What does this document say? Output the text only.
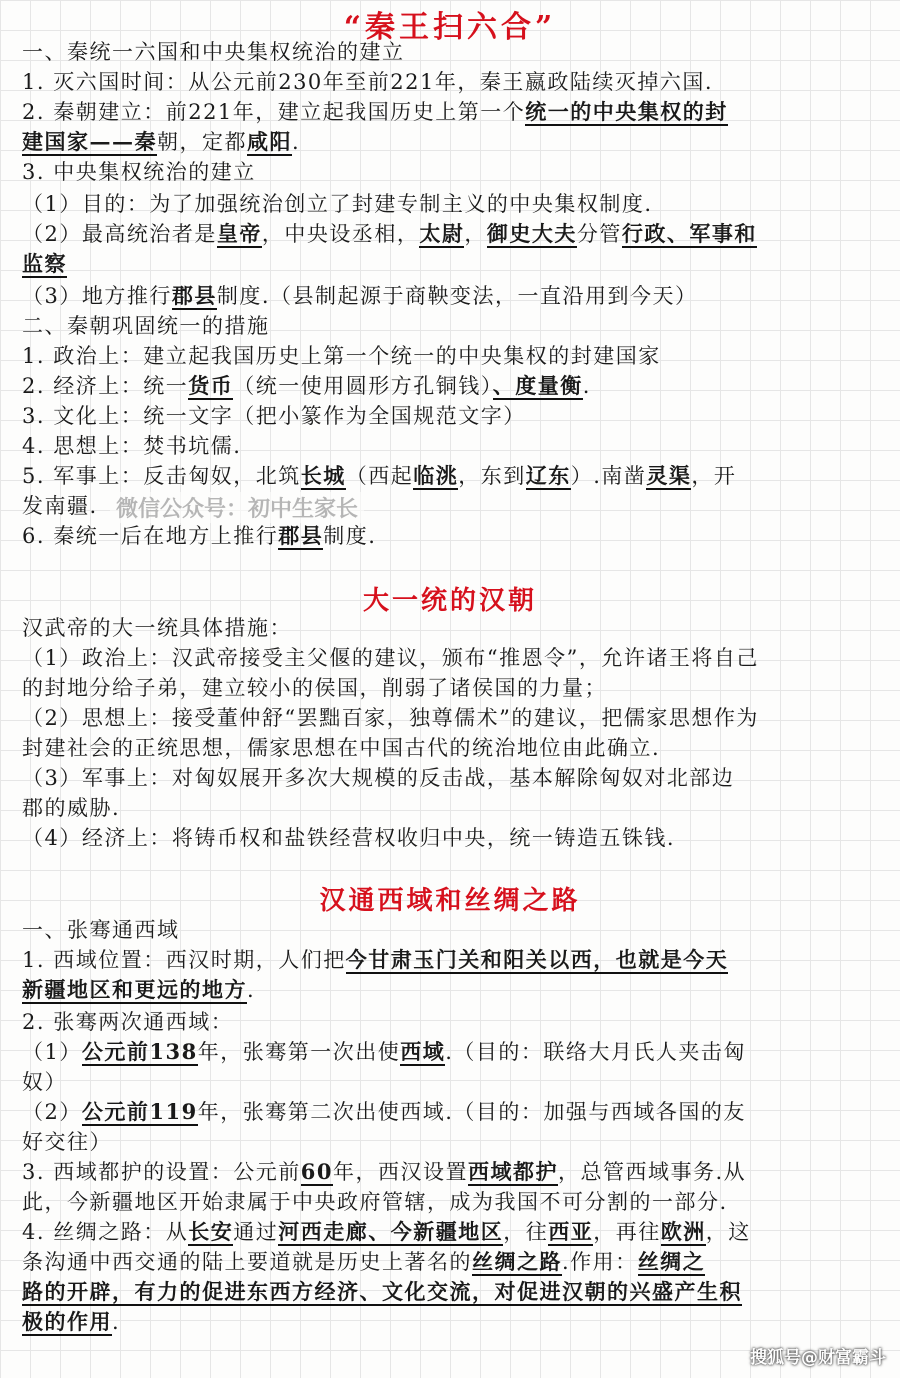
“秦王扫六合”
一、秦统一六国和中央集权统治的建立
1. 灭六国时间：从公元前230年至前221年，秦王嬴政陆续灭掉六国.
2. 秦朝建立：前221年，建立起我国历史上第一个统一的中央集权的封
建国家——秦朝，定都咸阳.
3. 中央集权统治的建立
（1）目的：为了加强统治创立了封建专制主义的中央集权制度.
（2）最高统治者是皇帝，中央设丞相，太尉，御史大夫分管行政、军事和
监察
（3）地方推行郡县制度.（县制起源于商鞅变法，一直沿用到今天）
二、秦朝巩固统一的措施
1. 政治上：建立起我国历史上第一个统一的中央集权的封建国家
2. 经济上：统一货币（统一使用圆形方孔铜钱）、度量衡.
3. 文化上：统一文字（把小篆作为全国规范文字）
4. 思想上：焚书坑儒.
5. 军事上：反击匈奴，北筑长城（西起临洮，东到辽东）.南凿灵渠，开
发南疆.
6. 秦统一后在地方上推行郡县制度.
大一统的汉朝
汉武帝的大一统具体措施：
（1）政治上：汉武帝接受主父偃的建议，颁布“推恩令”，允许诸王将自己
的封地分给子弟，建立较小的侯国，削弱了诸侯国的力量；
（2）思想上：接受董仲舒“罢黜百家，独尊儒术”的建议，把儒家思想作为
封建社会的正统思想，儒家思想在中国古代的统治地位由此确立.
（3）军事上：对匈奴展开多次大规模的反击战，基本解除匈奴对北部边
郡的威胁.
（4）经济上：将铸币权和盐铁经营权收归中央，统一铸造五铢钱.
汉通西域和丝绸之路
一、张骞通西域
1. 西域位置：西汉时期，人们把今甘肃玉门关和阳关以西，也就是今天
新疆地区和更远的地方.
2. 张骞两次通西域：
（1）公元前138年，张骞第一次出使西域.（目的：联络大月氏人夹击匈
奴）
（2）公元前119年，张骞第二次出使西域.（目的：加强与西域各国的友
好交往）
3. 西域都护的设置：公元前60年，西汉设置西域都护，总管西域事务.从
此，今新疆地区开始隶属于中央政府管辖，成为我国不可分割的一部分.
4. 丝绸之路：从长安通过河西走廊、今新疆地区，往西亚，再往欧洲，这
条沟通中西交通的陆上要道就是历史上著名的丝绸之路.作用：丝绸之
路的开辟，有力的促进东西方经济、文化交流，对促进汉朝的兴盛产生积
极的作用.
微信公众号：初中生家长
搜狐号@财富霸斗
